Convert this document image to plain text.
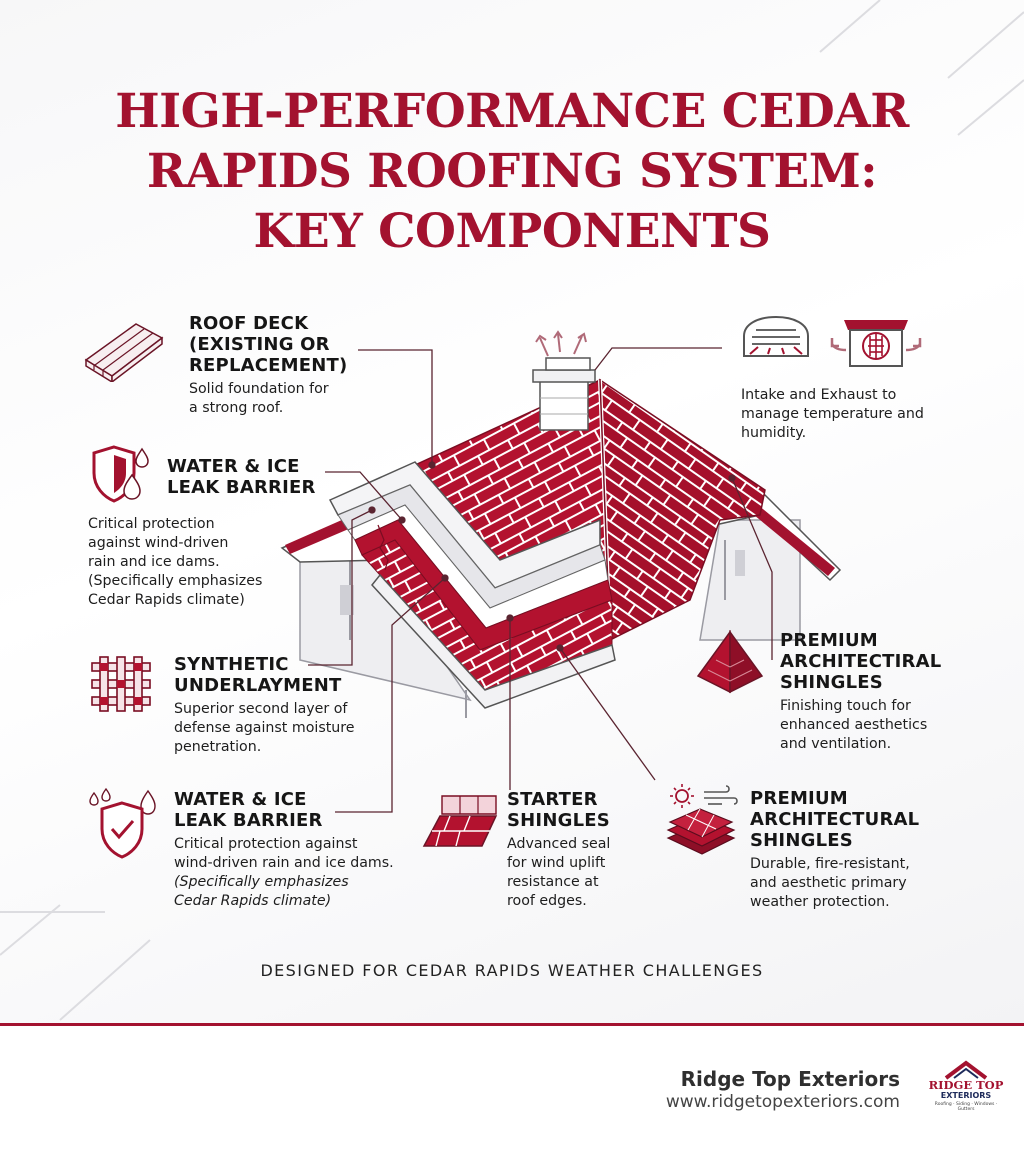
HIGH-PERFORMANCE CEDAR
RAPIDS ROOFING SYSTEM:
KEY COMPONENTS
ROOF DECK
(EXISTING OR
REPLACEMENT)
Solid foundation for
a strong roof.
WATER & ICE
LEAK BARRIER
Critical protection
against wind-driven
rain and ice dams.
(Specifically emphasizes
Cedar Rapids climate)
SYNTHETIC
UNDERLAYMENT
Superior second layer of
defense against moisture
penetration.
WATER & ICE
LEAK BARRIER
Critical protection against
wind-driven rain and ice dams.
(Specifically emphasizes
Cedar Rapids climate)
Intake and Exhaust to
manage temperature and
humidity.
PREMIUM
ARCHITECTIRAL
SHINGLES
Finishing touch for
enhanced aesthetics
and ventilation.
STARTER
SHINGLES
Advanced seal
for wind uplift
resistance at
roof edges.
PREMIUM
ARCHITECTURAL
SHINGLES
Durable, fire-resistant,
and aesthetic primary
weather protection.
DESIGNED FOR CEDAR RAPIDS WEATHER CHALLENGES
Ridge Top Exteriors
www.ridgetopexteriors.com
RIDGE TOP
EXTERIORS
Roofing · Siding · Windows · Gutters
